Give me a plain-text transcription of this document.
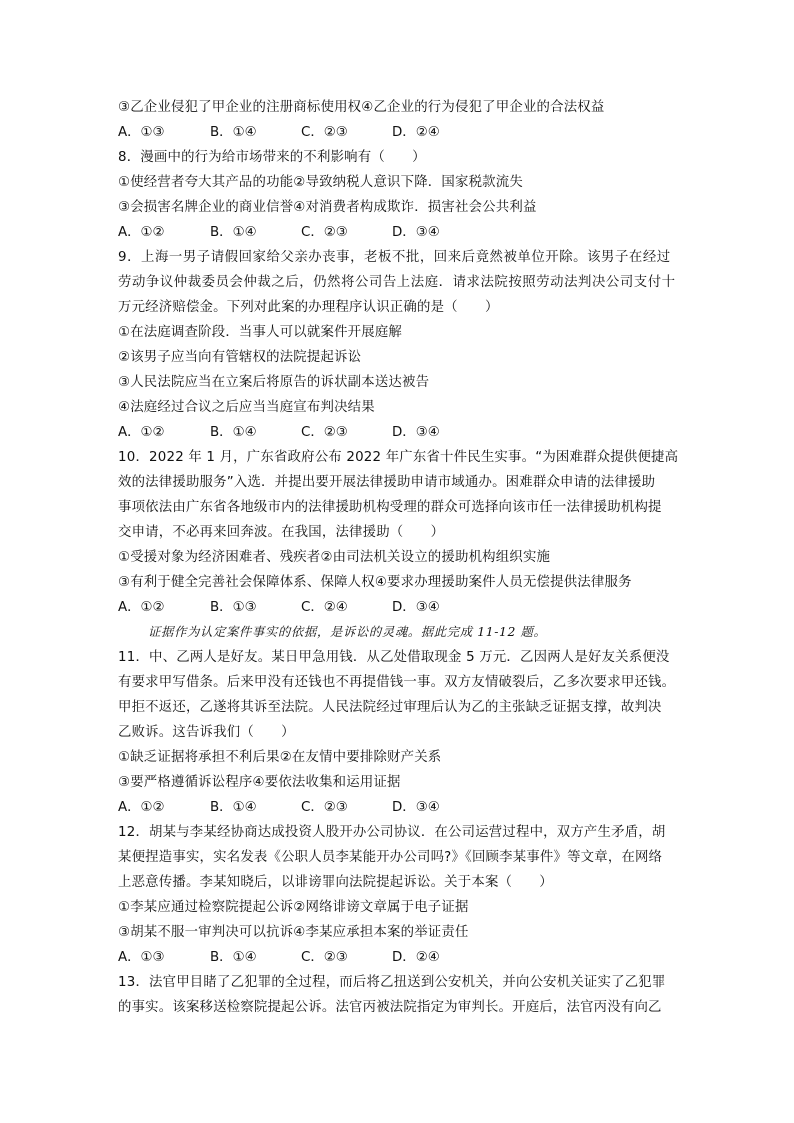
③乙企业侵犯了甲企业的注册商标使用权④乙企业的行为侵犯了甲企业的合法权益
A．①③	B．①④	C．②③	D．②④
8．漫画中的行为给市场带来的不利影响有（　　）
①使经营者夸大其产品的功能②导致纳税人意识下降．国家税款流失
③会损害名牌企业的商业信誉④对消费者构成欺诈．损害社会公共利益
A．①②	B．①④	C．②③	D．③④
9．上海一男子请假回家给父亲办丧事，老板不批，回来后竟然被单位开除。该男子在经过
劳动争议仲裁委员会仲裁之后，仍然将公司告上法庭．请求法院按照劳动法判决公司支付十
万元经济赔偿金。下列对此案的办理程序认识正确的是（　　）
①在法庭调查阶段．当事人可以就案件开展庭解
②该男子应当向有管辖权的法院提起诉讼
③人民法院应当在立案后将原告的诉状副本送达被告
④法庭经过合议之后应当当庭宣布判决结果
A．①②	B．①④	C．②③	D．③④
10．2022 年 1 月，广东省政府公布 2022 年广东省十件民生实事。“为困难群众提供便捷高
效的法律援助服务”入选．并提出要开展法律援助申请市域通办。困难群众申请的法律援助
事项依法由广东省各地级市内的法律援助机构受理的群众可选择向该市任一法律援助机构提
交申请，不必再来回奔波。在我国，法律援助（　　）
①受援对象为经济困难者、残疾者②由司法机关设立的援助机构组织实施
③有利于健全完善社会保障体系、保障人权④要求办理援助案件人员无偿提供法律服务
A．①②	B．①③	C．②④	D．③④
证据作为认定案件事实的依据，是诉讼的灵魂。据此完成 11-12 题。
11．中、乙两人是好友。某日甲急用钱．从乙处借取现金 5 万元．乙因两人是好友关系便没
有要求甲写借条。后来甲没有还钱也不再提借钱一事。双方友情破裂后，乙多次要求甲还钱。
甲拒不返还，乙遂将其诉至法院。人民法院经过审理后认为乙的主张缺乏证据支撑，故判决
乙败诉。这告诉我们（　　）
①缺乏证据将承担不利后果②在友情中要排除财产关系
③要严格遵循诉讼程序④要依法收集和运用证据
A．①②	B．①④	C．②③	D．③④
12．胡某与李某经协商达成投资人股开办公司协议．在公司运营过程中，双方产生矛盾，胡
某便捏造事实，实名发表《公职人员李某能开办公司吗?》《回顾李某事件》等文章，在网络
上恶意传播。李某知晓后，以诽谤罪向法院提起诉讼。关于本案（　　）
①李某应通过检察院提起公诉②网络诽谤文章属于电子证据
③胡某不服一审判决可以抗诉④李某应承担本案的举证责任
A．①③	B．①④	C．②③	D．②④
13．法官甲目睹了乙犯罪的全过程，而后将乙扭送到公安机关，并向公安机关证实了乙犯罪
的事实。该案移送检察院提起公诉。法官丙被法院指定为审判长。开庭后，法官丙没有向乙
